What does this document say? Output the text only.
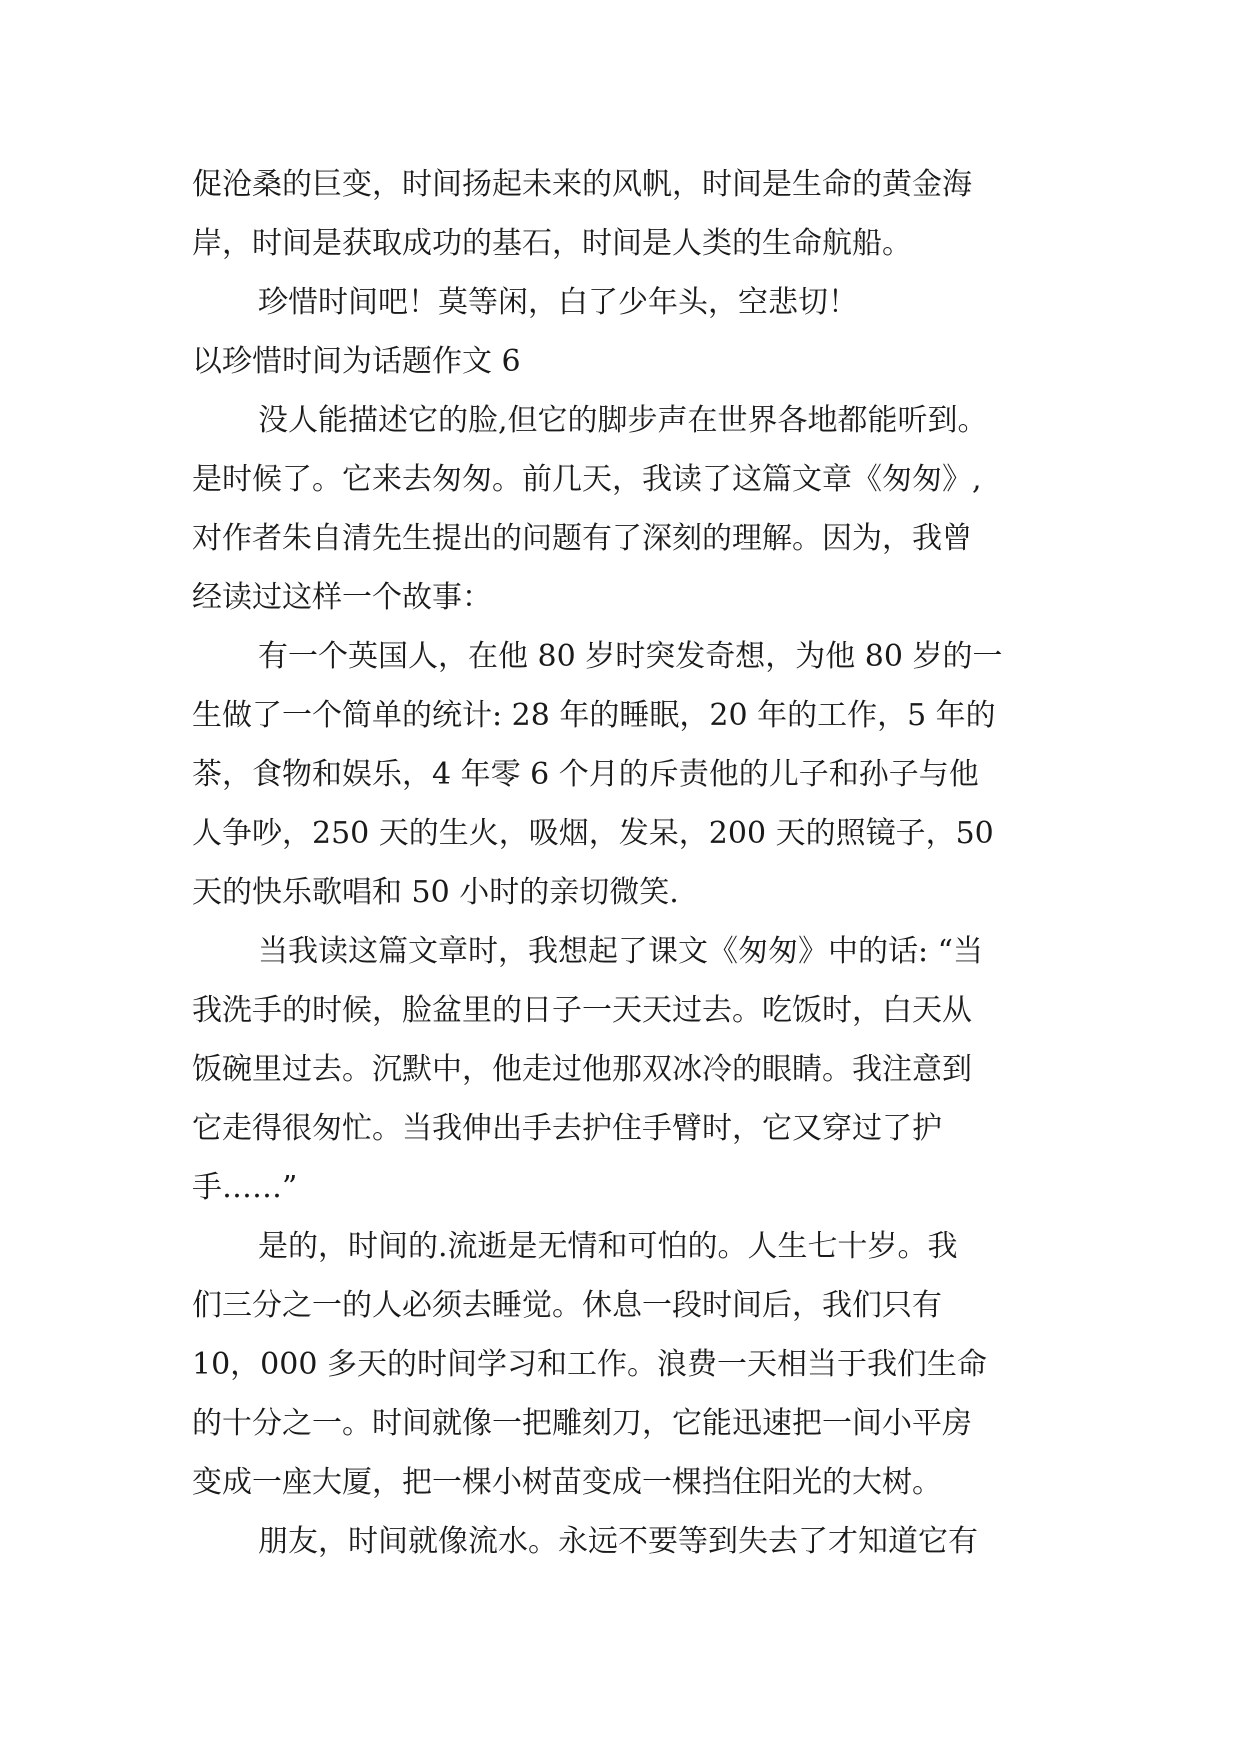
促沧桑的巨变，时间扬起未来的风帆，时间是生命的黄金海
岸，时间是获取成功的基石，时间是人类的生命航船。
珍惜时间吧！莫等闲，白了少年头，空悲切！
以珍惜时间为话题作文 6
没人能描述它的脸,但它的脚步声在世界各地都能听到。
是时候了。它来去匆匆。前几天，我读了这篇文章《匆匆》,
对作者朱自清先生提出的问题有了深刻的理解。因为，我曾
经读过这样一个故事：
有一个英国人，在他 80 岁时突发奇想，为他 80 岁的一
生做了一个简单的统计: 28 年的睡眠，20 年的工作，5 年的
茶，食物和娱乐，4 年零 6 个月的斥责他的儿子和孙子与他
人争吵，250 天的生火，吸烟，发呆，200 天的照镜子，50
天的快乐歌唱和 50 小时的亲切微笑.
当我读这篇文章时，我想起了课文《匆匆》中的话: “当
我洗手的时候，脸盆里的日子一天天过去。吃饭时，白天从
饭碗里过去。沉默中，他走过他那双冰冷的眼睛。我注意到
它走得很匆忙。当我伸出手去护住手臂时，它又穿过了护
手……”
是的，时间的.流逝是无情和可怕的。人生七十岁。我
们三分之一的人必须去睡觉。休息一段时间后，我们只有
10，000 多天的时间学习和工作。浪费一天相当于我们生命
的十分之一。时间就像一把雕刻刀，它能迅速把一间小平房
变成一座大厦，把一棵小树苗变成一棵挡住阳光的大树。
朋友，时间就像流水。永远不要等到失去了才知道它有
